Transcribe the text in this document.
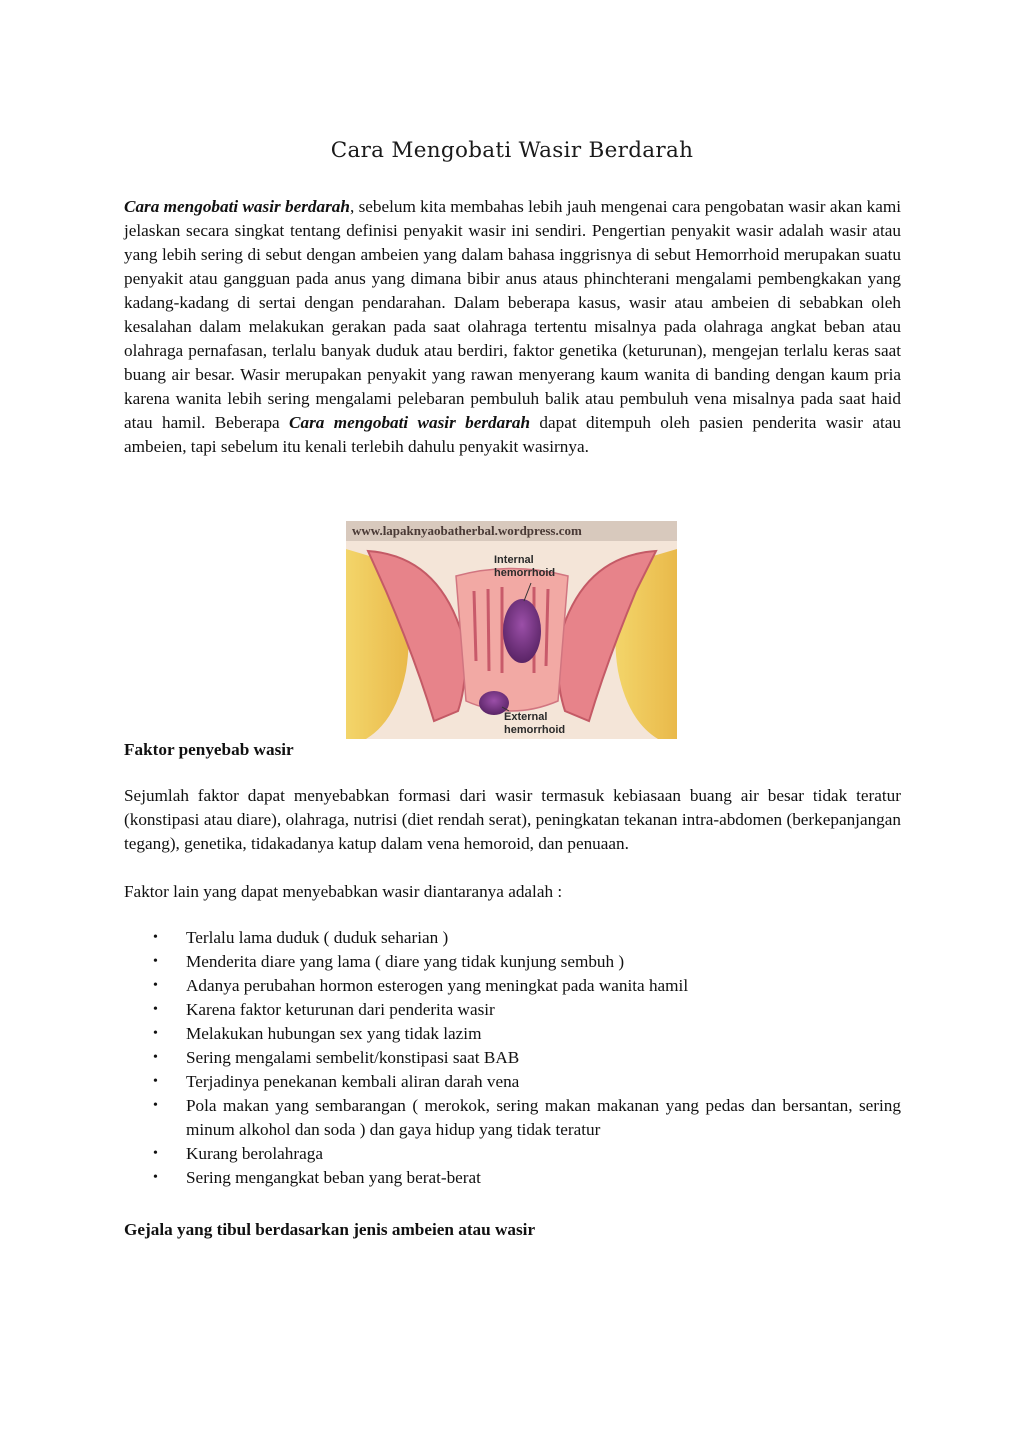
Cara Mengobati Wasir Berdarah
Cara mengobati wasir berdarah, sebelum kita membahas lebih jauh mengenai cara pengobatan wasir akan kami jelaskan secara singkat tentang definisi penyakit wasir ini sendiri. Pengertian penyakit wasir adalah wasir atau yang lebih sering di sebut dengan ambeien yang dalam bahasa inggrisnya di sebut Hemorrhoid merupakan suatu penyakit atau gangguan pada anus yang dimana bibir anus ataus phinchterani mengalami pembengkakan yang kadang-kadang di sertai dengan pendarahan. Dalam beberapa kasus, wasir atau ambeien di sebabkan oleh kesalahan dalam melakukan gerakan pada saat olahraga tertentu misalnya pada olahraga angkat beban atau olahraga pernafasan, terlalu banyak duduk atau berdiri, faktor genetika (keturunan), mengejan terlalu keras saat buang air besar. Wasir merupakan penyakit yang rawan menyerang kaum wanita di banding dengan kaum pria karena wanita lebih sering mengalami pelebaran pembuluh balik atau pembuluh vena misalnya pada saat haid atau hamil. Beberapa Cara mengobati wasir berdarah dapat ditempuh oleh pasien penderita wasir atau ambeien, tapi sebelum itu kenali terlebih dahulu penyakit wasirnya.
www.lapaknyaobatherbal.wordpress.com
Internal
hemorrhoid
External
hemorrhoid
Faktor penyebab wasir
Sejumlah faktor dapat menyebabkan formasi dari wasir termasuk kebiasaan buang air besar tidak teratur (konstipasi atau diare), olahraga, nutrisi (diet rendah serat), peningkatan tekanan intra-abdomen (berkepanjangan tegang), genetika, tidakadanya katup dalam vena hemoroid, dan penuaan.
Faktor lain yang dapat menyebabkan wasir diantaranya adalah :
• Terlalu lama duduk ( duduk seharian )
• Menderita diare yang lama ( diare yang tidak kunjung sembuh )
• Adanya perubahan hormon esterogen yang meningkat pada wanita hamil
• Karena faktor keturunan dari penderita wasir
• Melakukan hubungan sex yang tidak lazim
• Sering mengalami sembelit/konstipasi saat BAB
• Terjadinya penekanan kembali aliran darah vena
• Pola makan yang sembarangan ( merokok, sering makan makanan yang pedas dan bersantan, sering minum alkohol dan soda ) dan gaya hidup yang tidak teratur
• Kurang berolahraga
• Sering mengangkat beban yang berat-berat
Gejala yang tibul berdasarkan jenis ambeien atau wasir
